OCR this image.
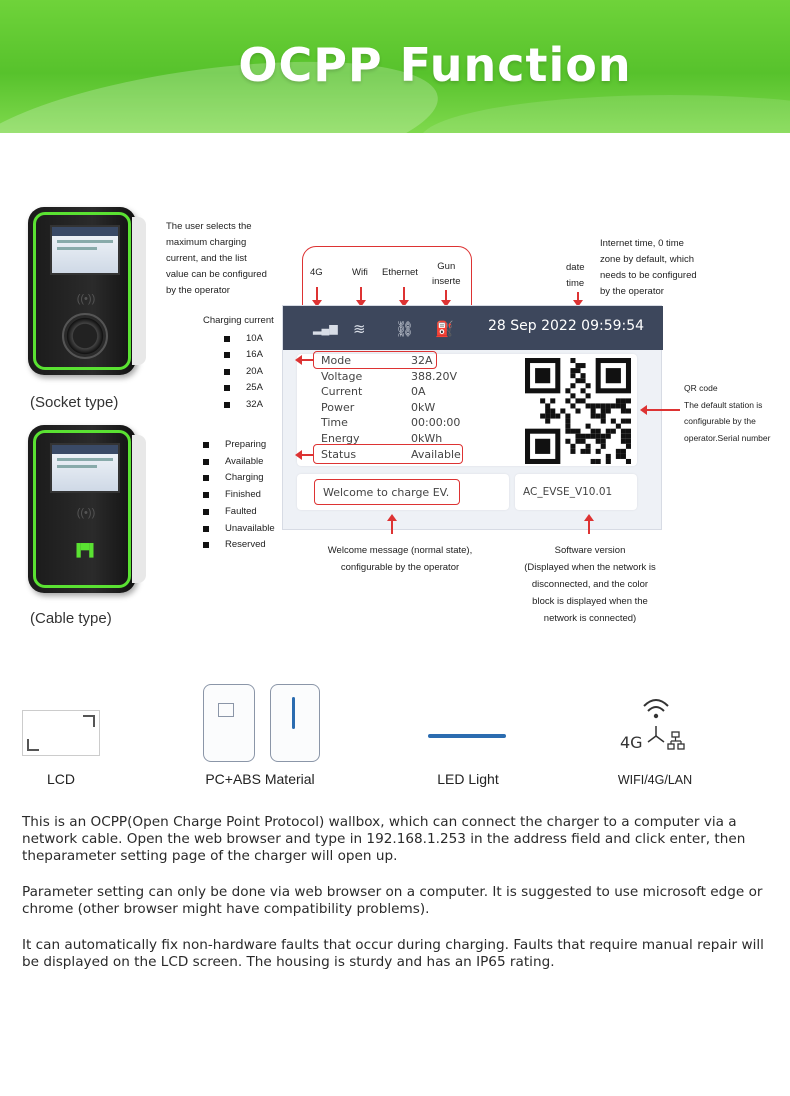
OCPP Function
((•))
(Socket type)
((•))
▐▀▌
(Cable type)
The user selects the
maximum charging
current, and the list
value can be configured
by the operator
Charging current
10A
16A
20A
25A
32A
Preparing
Available
Charging
Finished
Faulted
Unavailable
Reserved
4G	Wifi Ethernet
Gun
inserte
date
time
Internet time, 0 time
zone by default, which
needs to be configured
by the operator
▂▄▆ ≋ ⛓ ⛽ 28 Sep 2022 09:59:54
Mode	32A
Voltage	388.20V
Current	0A
Power	0kW
Time	00:00:00
Energy	0kWh
Status	Available
Welcome to charge EV.	AC_EVSE_V10.01
QR code
The default station is
configurable by the
operator.Serial number
Welcome message (normal state),
configurable by the operator
Software version
(Displayed when the network is
disconnected, and the color
block is displayed when the
network is connected)
LCD	PC+ABS Material	LED Light
4G
WIFI/4G/LAN
This is an OCPP(Open Charge Point Protocol) wallbox, which can connect the charger to a computer via a network cable. Open the web browser and type in 192.168.1.253 in the address field and click enter, then theparameter setting page of the charger will open up.
Parameter setting can only be done via web browser on a computer. It is suggested to use microsoft edge or chrome (other browser might have compatibility problems).
It can automatically fix non-hardware faults that occur during charging. Faults that require manual repair will be displayed on the LCD screen. The housing is sturdy and has an IP65 rating.
